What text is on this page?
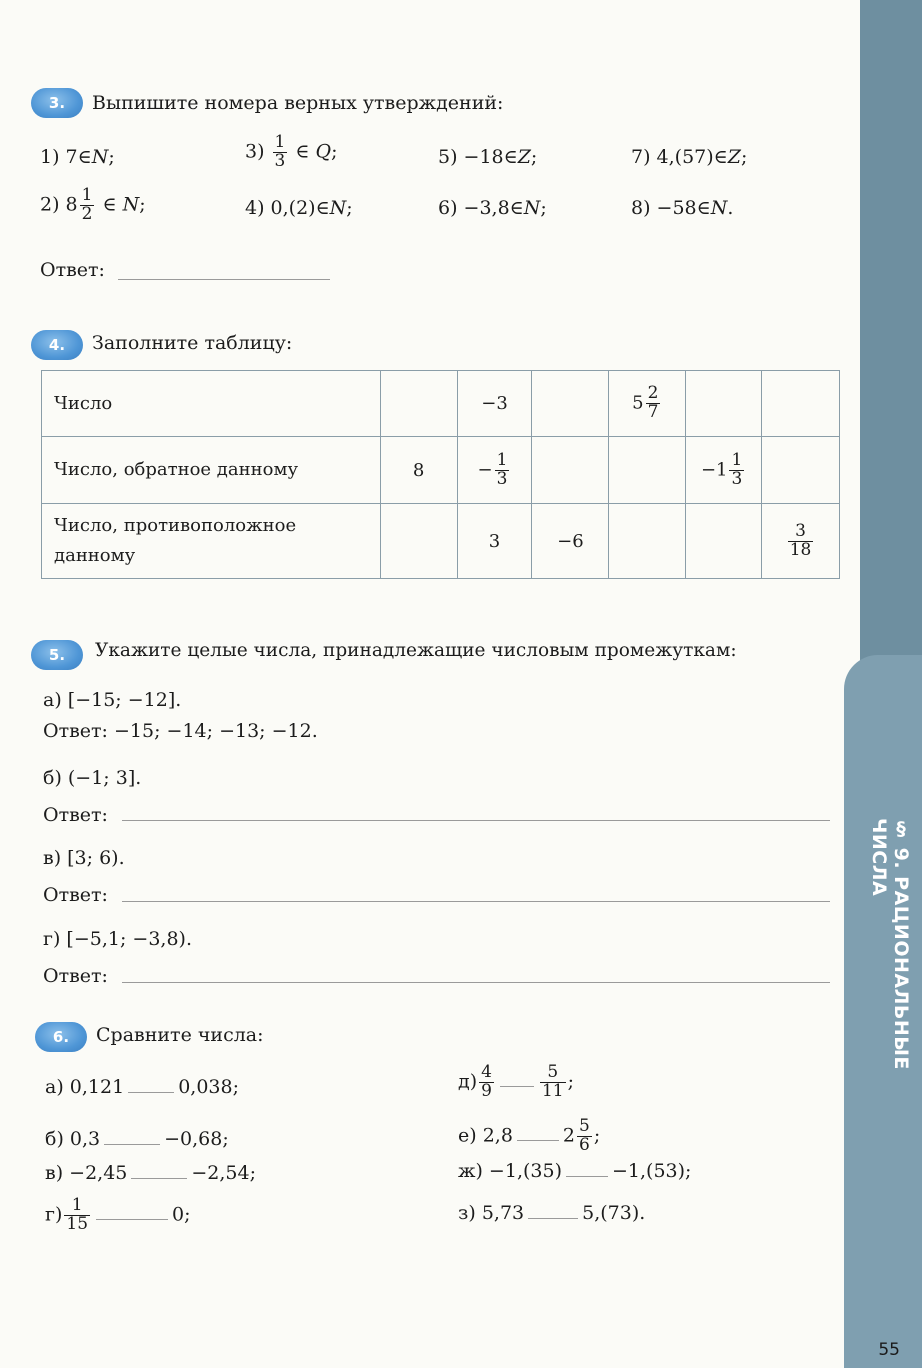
§ 9. РАЦИОНАЛЬНЫЕ ЧИСЛА
55
3.	Выпишите номера верных утверждений:
1) 7∈N;	$3) \frac{1}{3}$ ∈ Q;	5) −18∈Z;	7) 4,(57)∈Z;
2) $8 \frac{1}{2}$ ∈ N;	4) 0,(2)∈N;	6) −3,8∈N;	8) −58∈N.
Ответ:
4.	Заполните таблицу:
Число		−3		$5 \frac{2}{7}$

Число, обратное данному	8	− $\frac{1}{3}$			$-1 \frac{1}{3}$

Число, противоположное данному		3	−6			$\frac{3}{18}$
5.	Укажите целые числа, принадлежащие числовым промежуткам:
а) [−15; −12].
Ответ: −15; −14; −13; −12.
б) (−1; 3].
Ответ:
в) [3; 6).
Ответ:
г) [−5,1; −3,8).
Ответ:
6.	Сравните числа:
а) 0,121	0,038;
б) 0,3	−0,68;
в) −2,45	−2,54;
$г) \frac{1}{15}$	0;
$д) \frac{4}{9}$	$\frac{5}{11}$ ;
е) 2,8	$2 \frac{5}{6}$ ;
ж) −1,(35)	−1,(53);
з) 5,73	5,(73).
